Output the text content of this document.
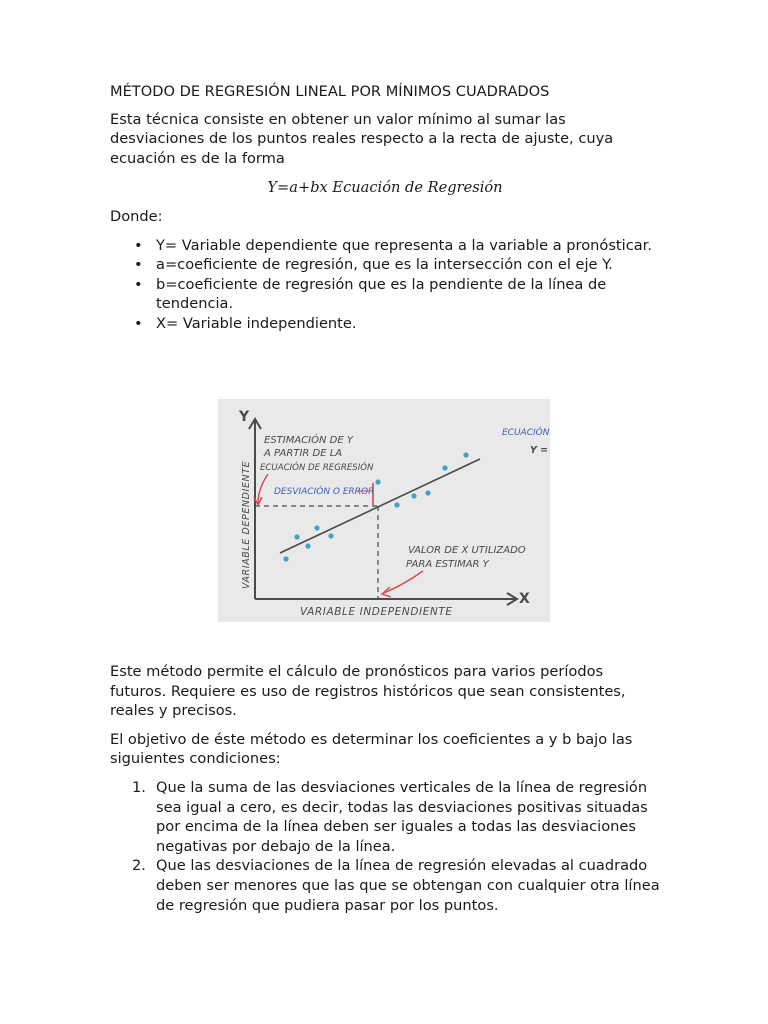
MÉTODO DE REGRESIÓN LINEAL POR MÍNIMOS CUADRADOS

Esta técnica consiste en obtener un valor mínimo al sumar las desviaciones de los puntos reales respecto a la recta de ajuste, cuya ecuación es de la forma

Y=a+bx Ecuación de Regresión

Donde:

• Y= Variable dependiente que representa a la variable a pronósticar.
• a=coeficiente de regresión, que es la intersección con el eje Y.
• b=coeficiente de regresión que es la pendiente de la línea de tendencia.
• X= Variable independiente.
Y
X
VARIABLE DEPENDIENTE
VARIABLE INDEPENDIENTE
ESTIMACIÓN DE Y
A PARTIR DE LA
ECUACIÓN DE REGRESIÓN
DESVIACIÓN O ERROR
VALOR DE X UTILIZADO
PARA ESTIMAR Y
ECUACIÓN
Y =

Este método permite el cálculo de pronósticos para varios períodos futuros. Requiere es uso de registros históricos que sean consistentes, reales y precisos.

El objetivo de éste método es determinar los coeficientes a y b bajo las siguientes condiciones:

1. Que la suma de las desviaciones verticales de la línea de regresión sea igual a cero, es decir, todas las desviaciones positivas situadas por encima de la línea deben ser iguales a todas las desviaciones negativas por debajo de la línea.
2. Que las desviaciones de la línea de regresión elevadas al cuadrado deben ser menores que las que se obtengan con cualquier otra línea de regresión que pudiera pasar por los puntos.
